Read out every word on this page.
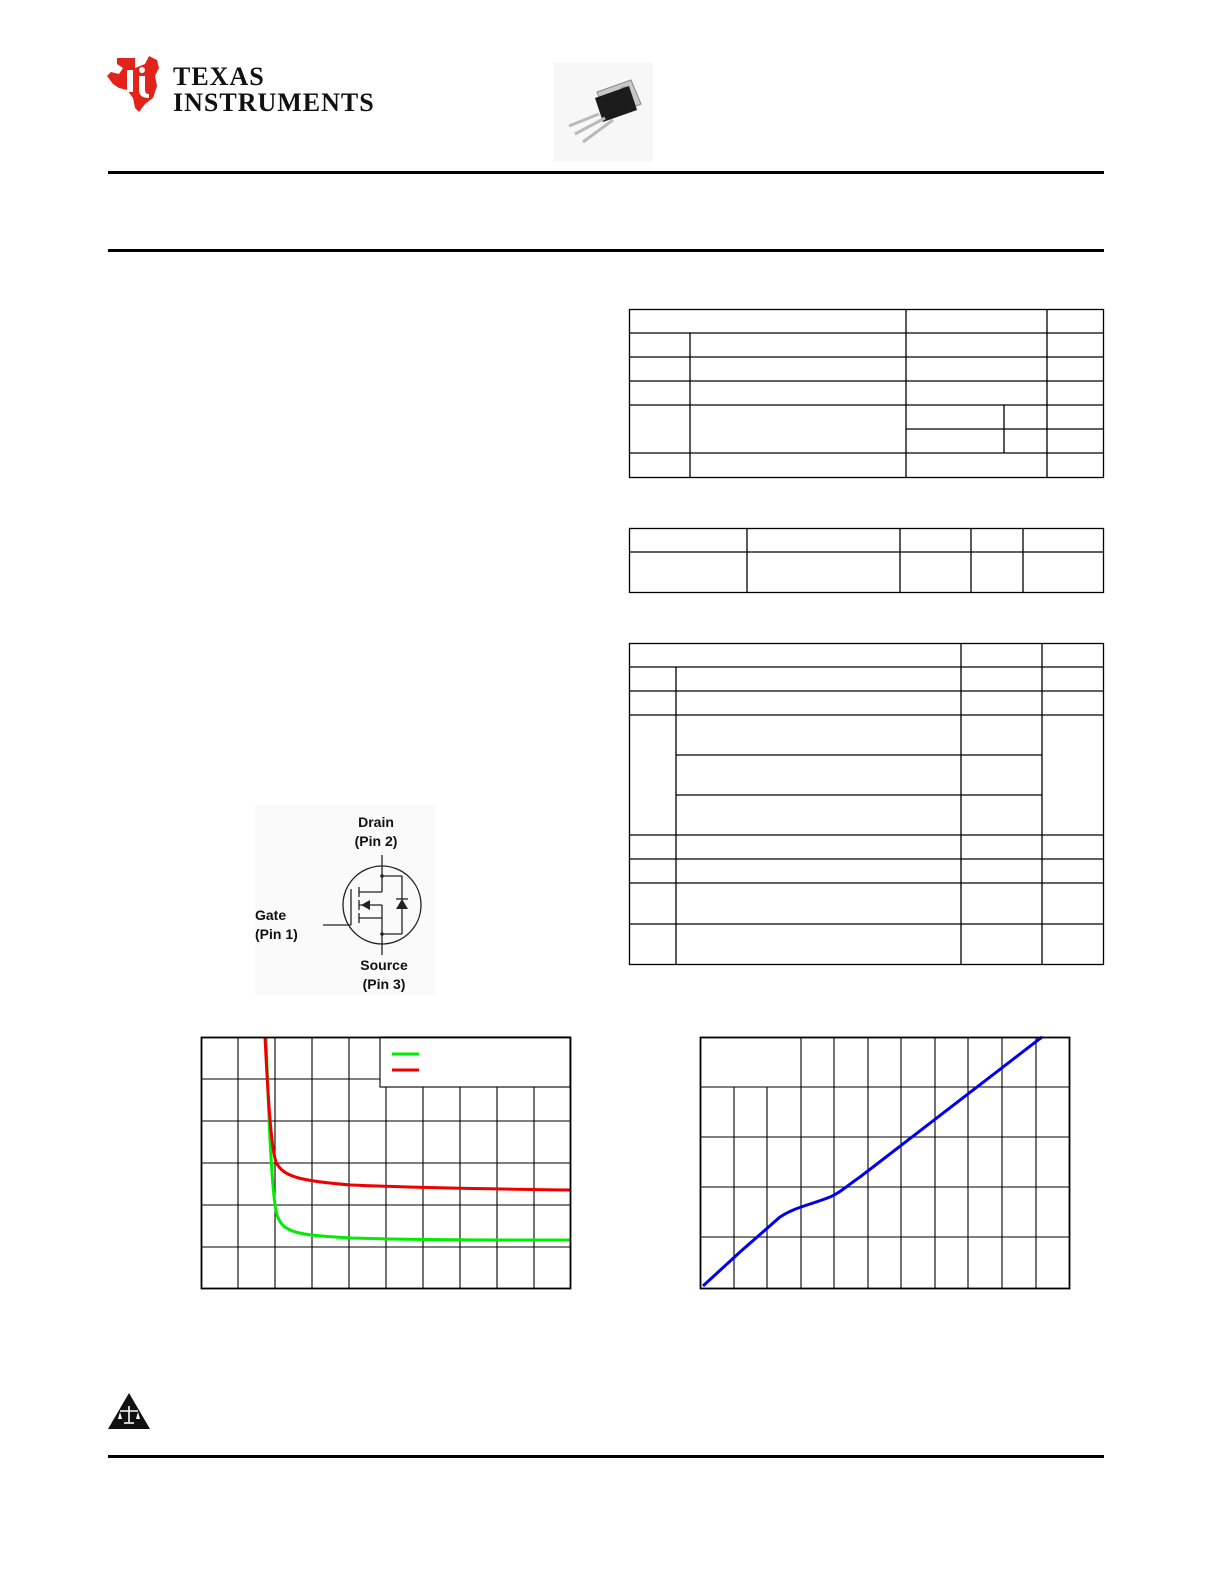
TEXAS
INSTRUMENTS
Drain
(Pin 2)
Gate
(Pin 1)
Source
(Pin 3)
